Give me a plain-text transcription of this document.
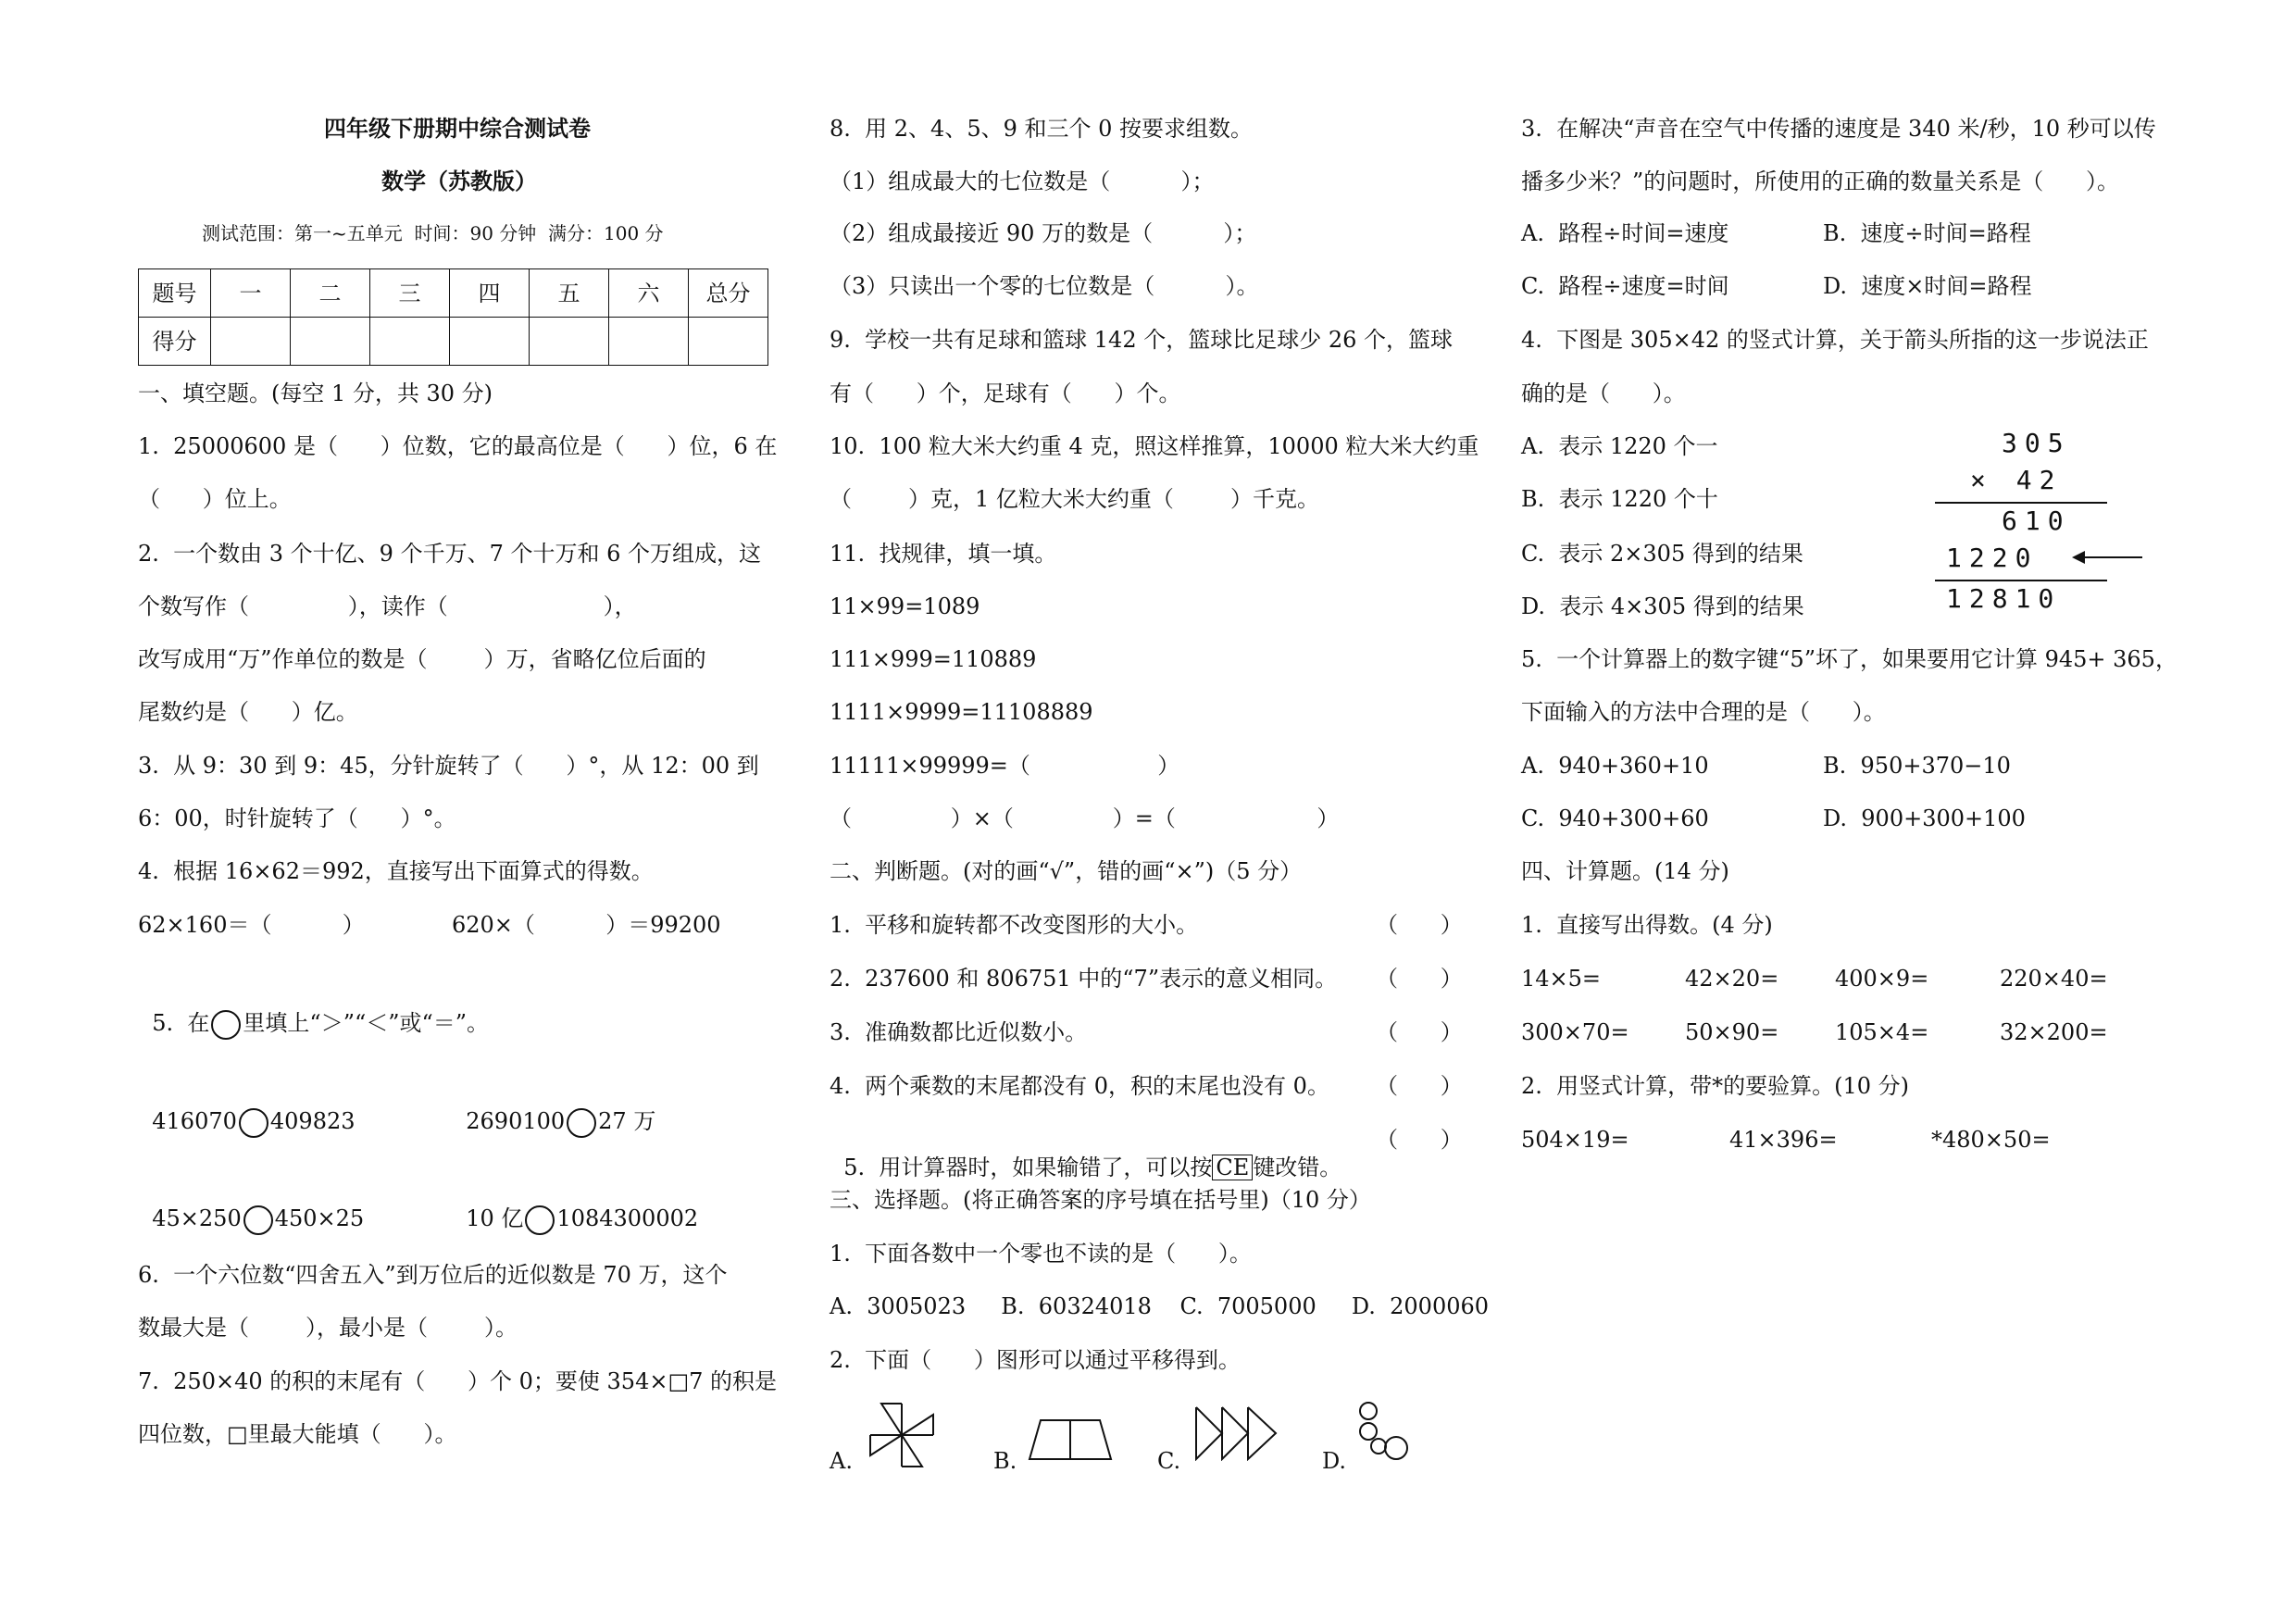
四年级下册期中综合测试卷
数学（苏教版）
测试范围：第一~五单元  时间：90 分钟  满分：100 分
题号	一	二	三	四	五	六	总分
得分							
一、填空题。(每空 1 分，共 30 分)
1.  25000600 是（      ）位数，它的最高位是（      ）位，6 在
（      ）位上。
2.  一个数由 3 个十亿、9 个千万、7 个十万和 6 个万组成，这
个数写作（              ），读作（                      ），
改写成用“万”作单位的数是（        ）万，省略亿位后面的
尾数约是（      ）亿。
3.  从 9：30 到 9：45，分针旋转了（      ）°，从 12：00 到
6：00，时针旋转了（      ）°。
4.  根据 16×62＝992，直接写出下面算式的得数。
62×160＝（          ）	620×（          ）＝99200

5.  在 里填上“＞”“＜”或“＝”。

416070 409823	2690100 27 万

45×250 450×25	10 亿 1084300002

6.  一个六位数“四舍五入”到万位后的近似数是 70 万，这个
数最大是（        ），最小是（        ）。
7.  250×40 的积的末尾有（      ）个 0；要使 354×□7 的积是
四位数，□里最大能填（      ）。
8.  用 2、4、5、9 和三个 0 按要求组数。
（1）组成最大的七位数是（          ）；
（2）组成最接近 90 万的数是（          ）；
（3）只读出一个零的七位数是（          ）。
9.  学校一共有足球和篮球 142 个，篮球比足球少 26 个，篮球
有（      ）个，足球有（      ）个。
10.  100 粒大米大约重 4 克，照这样推算，10000 粒大米大约重
（        ）克，1 亿粒大米大约重（        ）千克。
11.  找规律，填一填。
11×99=1089
111×999=110889
1111×9999=11108889
11111×99999=（                  ）
（              ）×（              ）=（                    ）
二、判断题。(对的画“√”，错的画“×”)（5 分）
1.  平移和旋转都不改变图形的大小。	（      ）
2.  237600 和 806751 中的“7”表示的意义相同。 （      ）
3.  准确数都比近似数小。	（      ）
4.  两个乘数的末尾都没有 0，积的末尾也没有 0。 （      ）

5.  用计算器时，如果输错了，可以按 CE 键改错。

（      ）
三、选择题。(将正确答案的序号填在括号里)（10 分）
1.  下面各数中一个零也不读的是（      ）。
A.  3005023     B.  60324018    C.  7005000     D.  2000060
2.  下面（      ）图形可以通过平移得到。
A.	B.	C.	D.
3.  在解决“声音在空气中传播的速度是 340 米/秒，10 秒可以传
播多少米？”的问题时，所使用的正确的数量关系是（      ）。
A.  路程÷时间=速度	B.  速度÷时间=路程
C.  路程÷速度=时间	D.  速度×时间=路程
4.  下图是 305×42 的竖式计算，关于箭头所指的这一步说法正
确的是（      ）。
A.  表示 1220 个一
B.  表示 1220 个十
C.  表示 2×305 得到的结果
D.  表示 4×305 得到的结果
305
× 42
610
1220
12810
5.  一个计算器上的数字键“5”坏了，如果要用它计算 945+ 365，
下面输入的方法中合理的是（      ）。
A.  940+360+10	B.  950+370−10
C.  940+300+60	D.  900+300+100
四、计算题。(14 分)
1.  直接写出得数。(4 分)
14×5=	42×20=	400×9=	220×40=
300×70=	50×90=	105×4=	32×200=
2.  用竖式计算，带*的要验算。(10 分)
504×19=	41×396=	*480×50=
